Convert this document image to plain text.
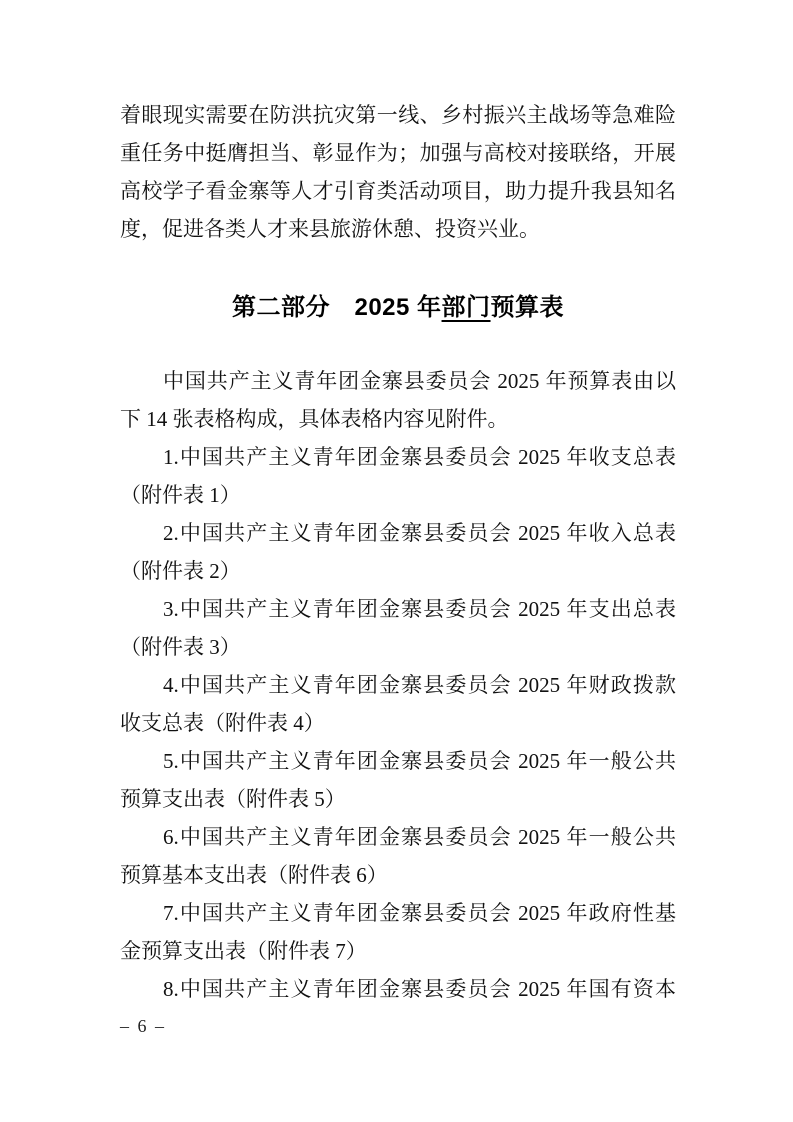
着眼现实需要在防洪抗灾第一线、乡村振兴主战场等急难险
重任务中挺膺担当、彰显作为；加强与高校对接联络，开展
高校学子看金寨等人才引育类活动项目，助力提升我县知名
度，促进各类人才来县旅游休憩、投资兴业。
第二部分　2025 年部门预算表
中国共产主义青年团金寨县委员会 2025 年预算表由以
下 14 张表格构成，具体表格内容见附件。
1.中国共产主义青年团金寨县委员会 2025 年收支总表
（附件表 1）
2.中国共产主义青年团金寨县委员会 2025 年收入总表
（附件表 2）
3.中国共产主义青年团金寨县委员会 2025 年支出总表
（附件表 3）
4.中国共产主义青年团金寨县委员会 2025 年财政拨款
收支总表（附件表 4）
5.中国共产主义青年团金寨县委员会 2025 年一般公共
预算支出表（附件表 5）
6.中国共产主义青年团金寨县委员会 2025 年一般公共
预算基本支出表（附件表 6）
7.中国共产主义青年团金寨县委员会 2025 年政府性基
金预算支出表（附件表 7）
8.中国共产主义青年团金寨县委员会 2025 年国有资本
– 6 –
